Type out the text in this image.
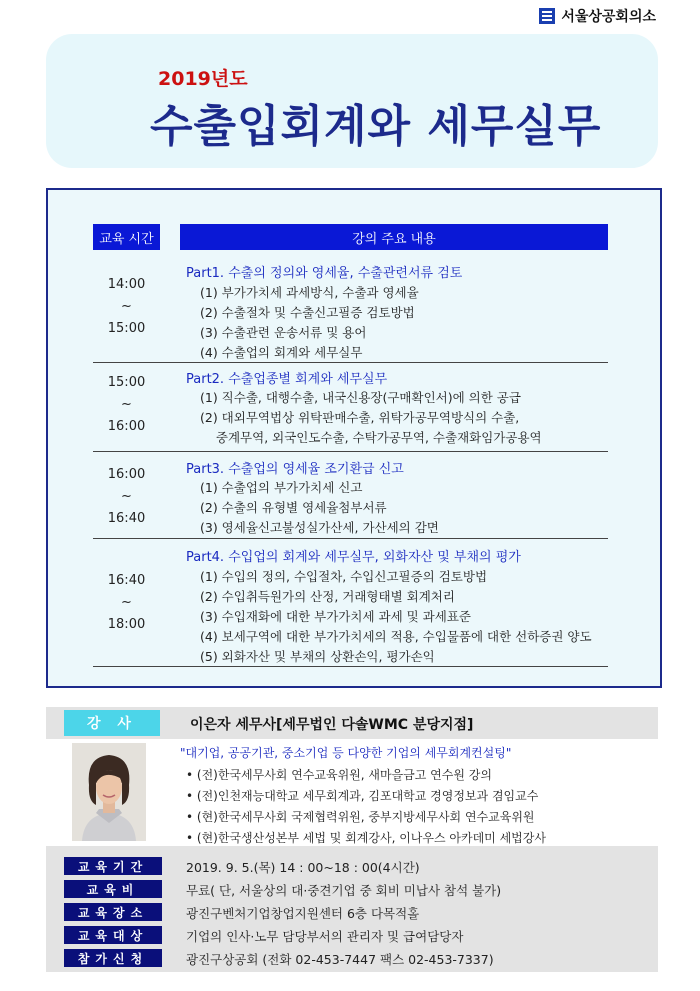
서울상공회의소
2019년도
수출입회계와 세무실무
교육 시간	강의 주요 내용
14:00
~
15:00
Part1. 수출의 정의와 영세율, 수출관련서류 검토
(1) 부가가치세 과세방식, 수출과 영세율
(2) 수출절차 및 수출신고필증 검토방법
(3) 수출관련 운송서류 및 용어
(4) 수출업의 회계와 세무실무
15:00
~
16:00
Part2. 수출업종별 회계와 세무실무
(1) 직수출, 대행수출, 내국신용장(구매확인서)에 의한 공급
(2) 대외무역법상 위탁판매수출, 위탁가공무역방식의 수출,
중계무역, 외국인도수출, 수탁가공무역, 수출재화임가공용역
16:00
~
16:40
Part3. 수출업의 영세율 조기환급 신고
(1) 수출업의 부가가치세 신고
(2) 수출의 유형별 영세율첨부서류
(3) 영세율신고불성실가산세, 가산세의 감면
16:40
~
18:00
Part4. 수입업의 회계와 세무실무, 외화자산 및 부채의 평가
(1) 수입의 정의, 수입절차, 수입신고필증의 검토방법
(2) 수입취득원가의 산정, 거래형태별 회계처리
(3) 수입재화에 대한 부가가치세 과세 및 과세표준
(4) 보세구역에 대한 부가가치세의 적용, 수입물품에 대한 선하증권 양도
(5) 외화자산 및 부채의 상환손익, 평가손익
강 사	이은자 세무사[세무법인 다솔WMC 분당지점]
"대기업, 공공기관, 중소기업 등 다양한 기업의 세무회계컨설팅"
• (전)한국세무사회 연수교육위원, 새마을금고 연수원 강의
• (전)인천재능대학교 세무회계과, 김포대학교 경영정보과 겸임교수
• (현)한국세무사회 국제협력위원, 중부지방세무사회 연수교육위원
• (현)한국생산성본부 세법 및 회계강사, 이나우스 아카데미 세법강사
교육기간	2019. 9. 5.(목) 14 : 00~18 : 00(4시간)
교육비	무료( 단, 서울상의 대·중견기업 중 회비 미납사 참석 불가)
교육장소	광진구벤처기업창업지원센터 6층 다목적홀
교육대상	기업의 인사·노무 담당부서의 관리자 및 급여담당자
참가신청	광진구상공회 (전화 02-453-7447 팩스 02-453-7337)
